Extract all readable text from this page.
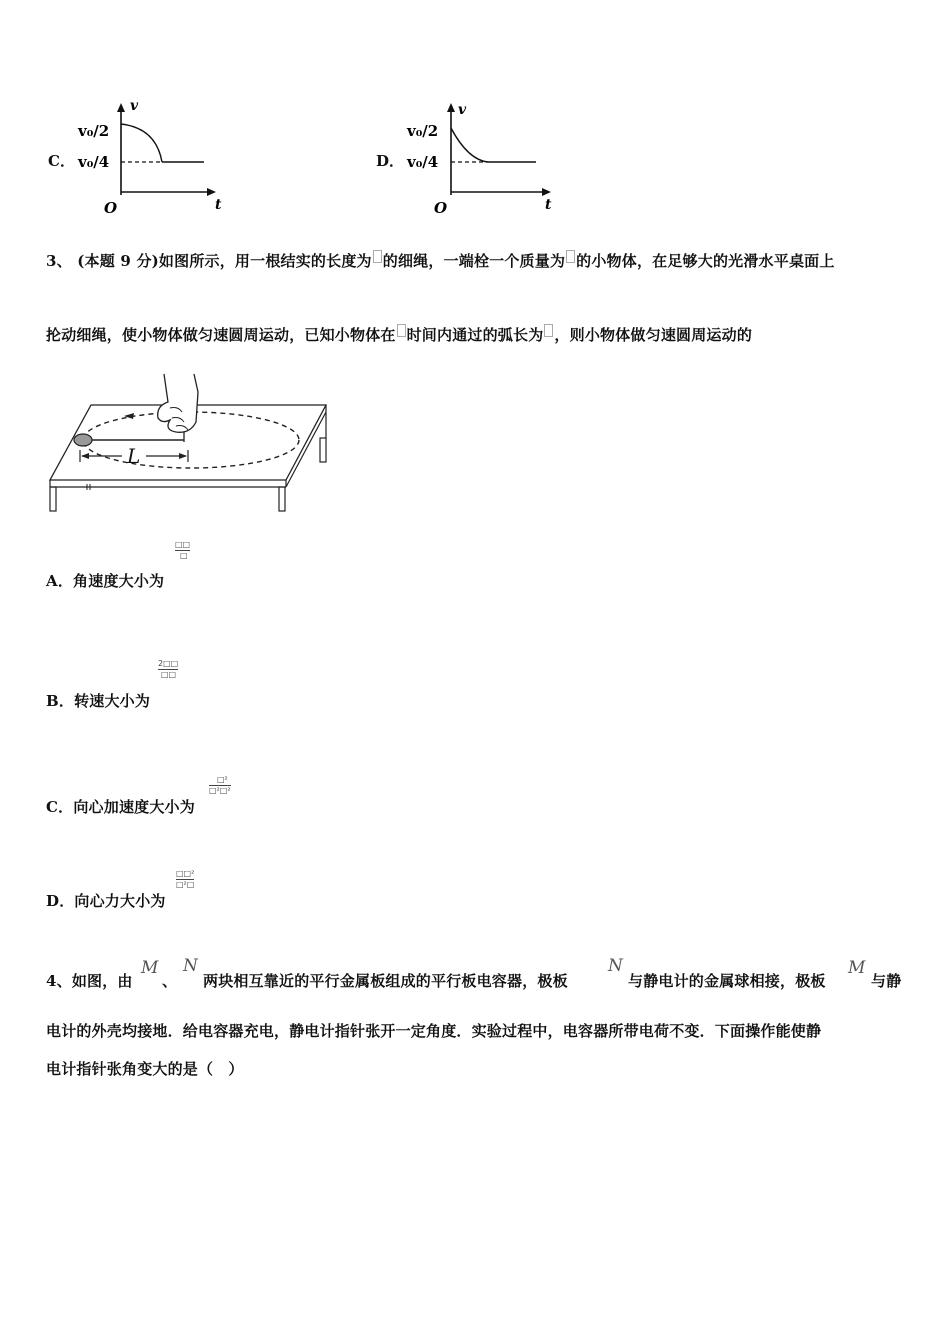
C．
v
t
O
v₀/2
v₀/4	D．
v
t
O
v₀/2
v₀/4
3、 (本题 9 分)如图所示，用一根结实的长度为 的细绳，一端栓一个质量为 的小物体，在足够大的光滑水平桌面上
抡动细绳，使小物体做匀速圆周运动，已知小物体在 时间内通过的弧长为 ，则小物体做匀速圆周运动的
L
A．角速度大小为
□□
□
B．转速大小为
2□□
□□
C．向心加速度大小为
□²
□²□²
D．向心力大小为
□□²
□²□
4、如图，由
M
、
N
两块相互靠近的平行金属板组成的平行板电容器，极板
N
与静电计的金属球相接，极板
M
与静
电计的外壳均接地．给电容器充电，静电计指针张开一定角度．实验过程中，电容器所带电荷不变．下面操作能使静
电计指针张角变大的是（　）
